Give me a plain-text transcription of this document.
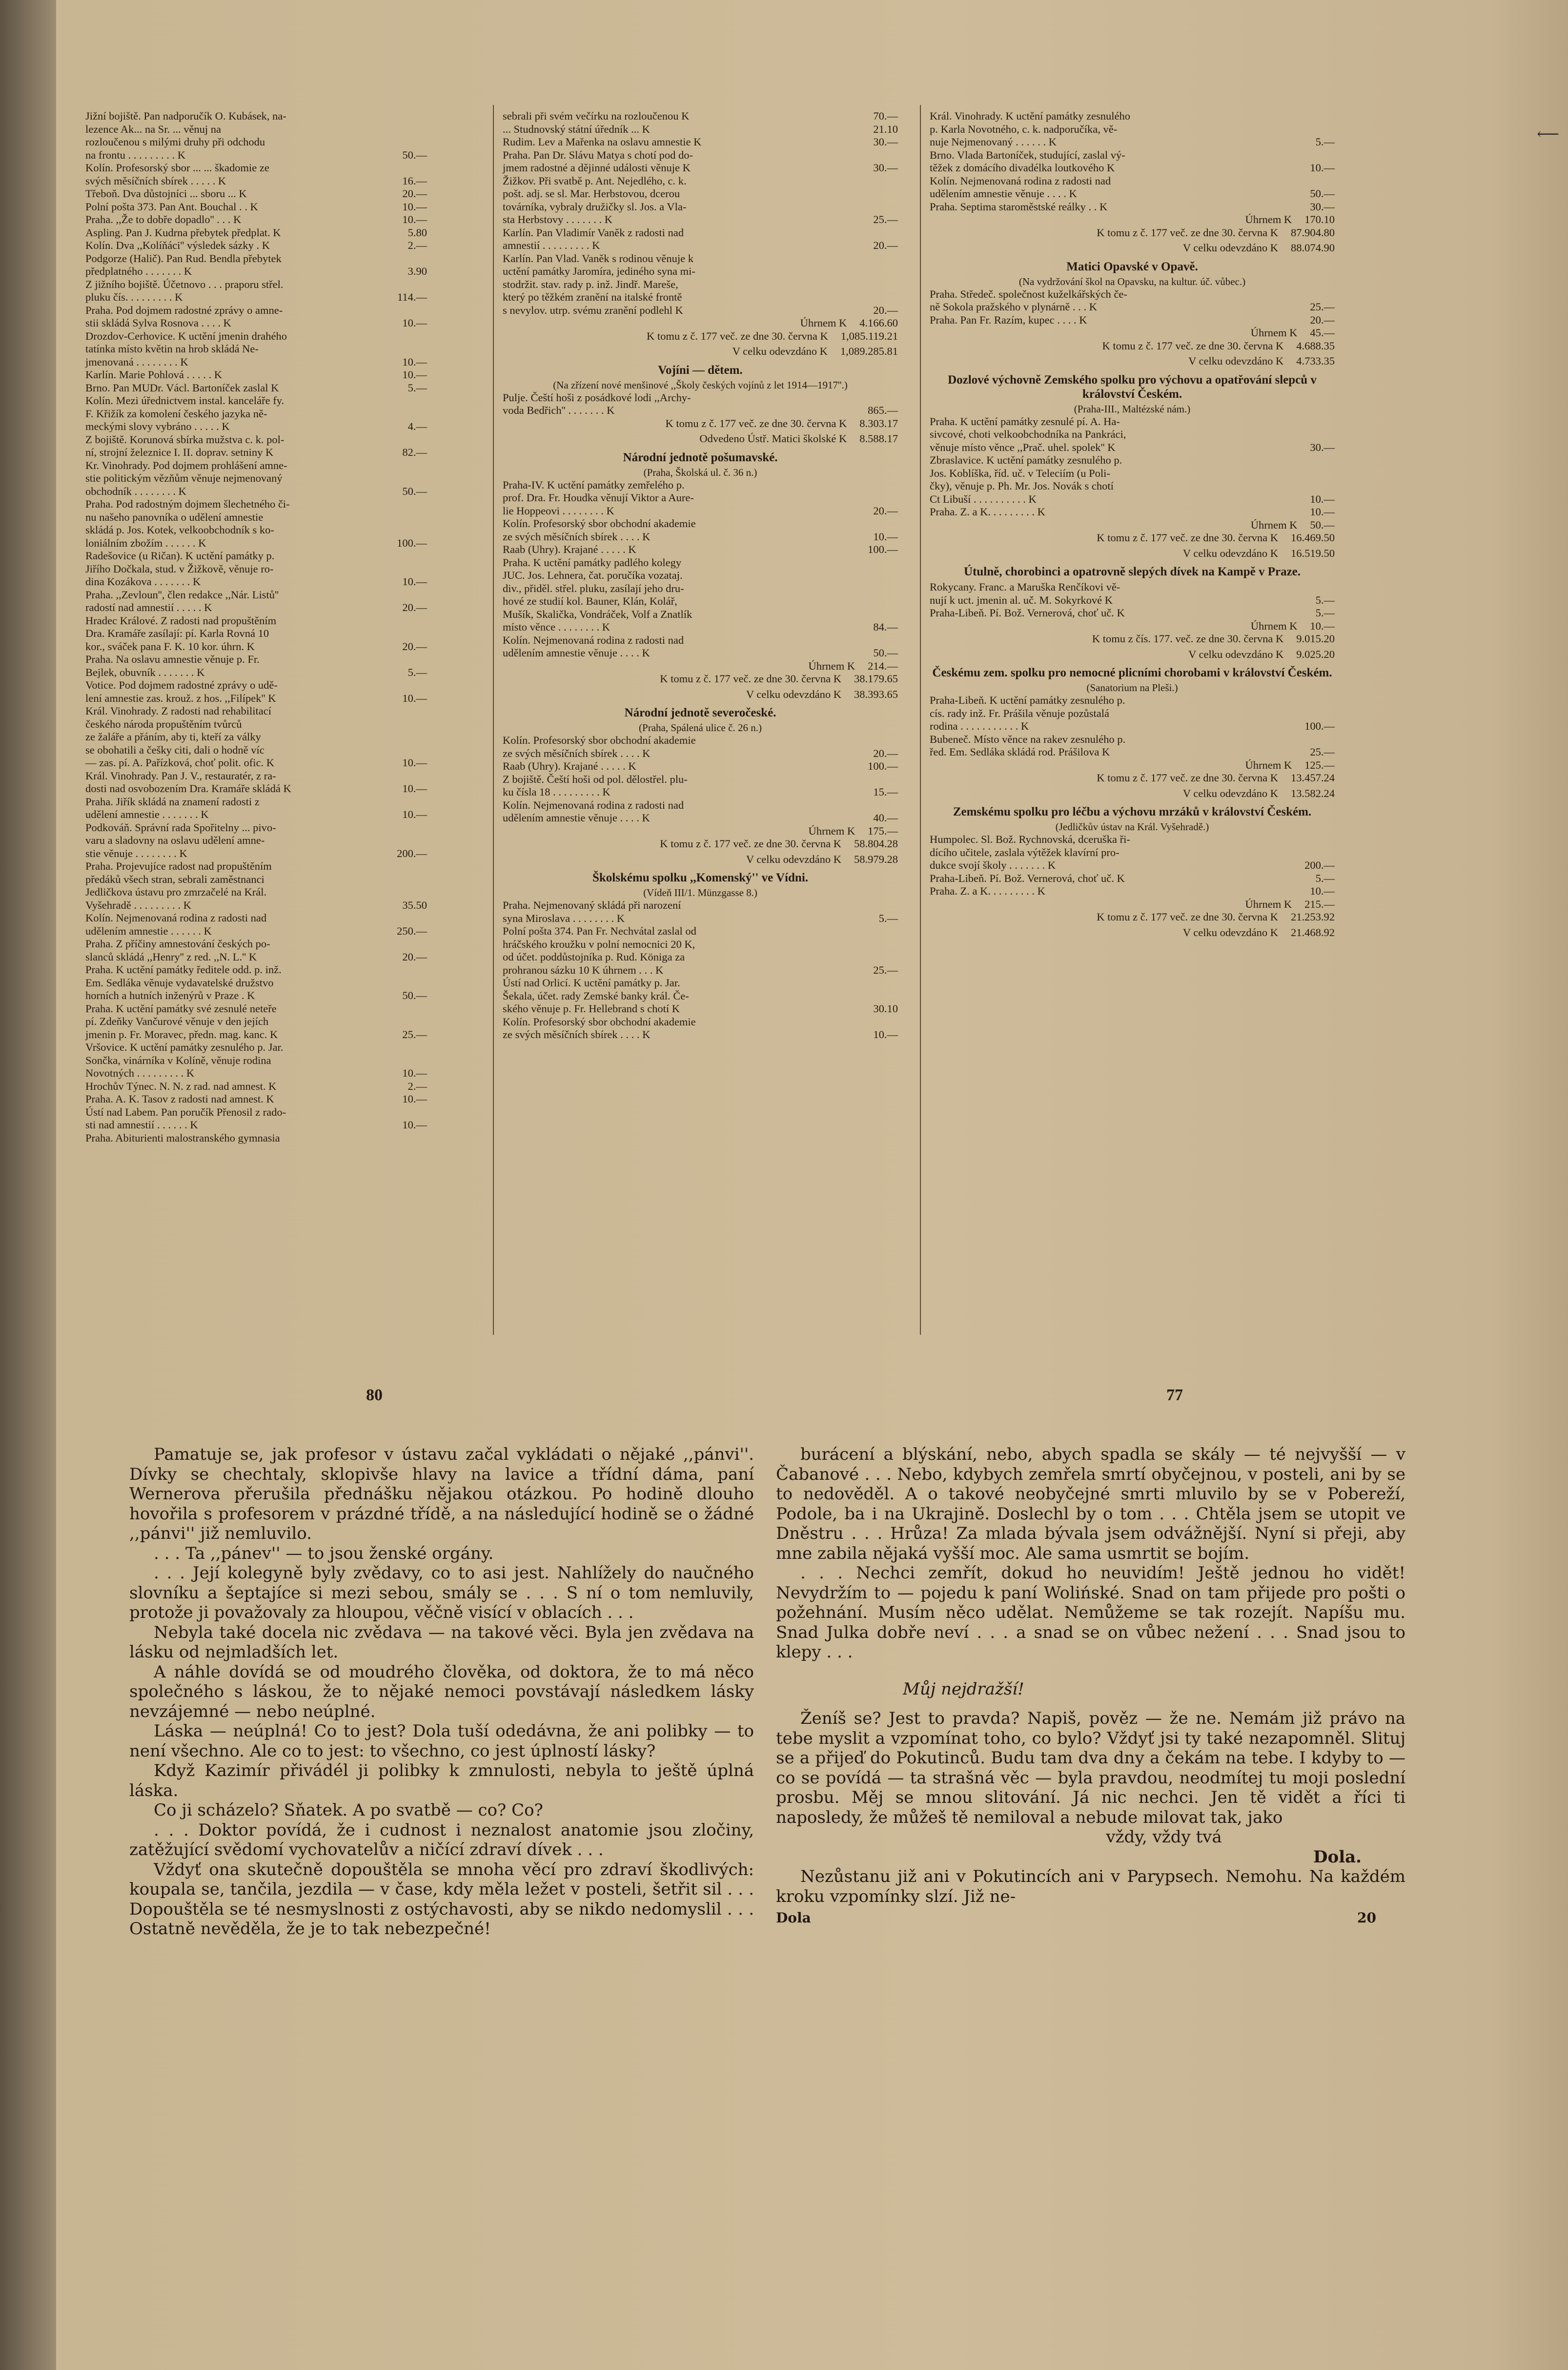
⟵
Jižní bojiště. Pan nadporučík O. Kubásek, na-
lezence Ak... na Sr. ... věnuj na
rozloučenou s milými druhy při odchodu
na frontu . . . . . . . . . K	50.—
Kolín. Profesorský sbor ... ... škadomie ze
svých měsíčních sbírek . . . . . K	16.—
Třeboň. Dva důstojníci ... sboru ... K	20.—
Polní pošta 373. Pan Ant. Bouchal . . K	10.—
Praha. ,,Že to dobře dopadlo'' . . . K	10.—
Aspling. Pan J. Kudrna přebytek předplat. K	5.80
Kolín. Dva ,,Kolíňáci'' výsledek sázky . K	2.—
Podgorze (Halič). Pan Rud. Bendla přebytek
předplatného . . . . . . . K	3.90
Z jižního bojiště. Účetnovo . . . praporu střel.
pluku čís. . . . . . . . . K	114.—
Praha. Pod dojmem radostné zprávy o amne-
stii skládá Sylva Rosnova . . . . K	10.—
Drozdov-Cerhovice. K uctění jmenin drahého
tatínka místo květin na hrob skládá Ne-
jmenovaná . . . . . . . . K	10.—
Karlín. Marie Pohlová . . . . . K	10.—
Brno. Pan MUDr. Václ. Bartoníček zaslal K	5.—
Kolín. Mezi úřednictvem instal. kanceláře fy.
F. Křižík za komolení českého jazyka ně-
meckými slovy vybráno . . . . . K	4.—
Z bojiště. Korunová sbírka mužstva c. k. pol-
ní, strojní železnice I. II. doprav. setniny K	82.—
Kr. Vinohrady. Pod dojmem prohlášení amne-
stie politickým vězňům věnuje nejmenovaný
obchodník . . . . . . . . K	50.—
Praha. Pod radostným dojmem šlechetného či-
nu našeho panovníka o udělení amnestie
skládá p. Jos. Kotek, velkoobchodník s ko-
loniálním zbožím . . . . . . K	100.—
Radešovice (u Ričan). K uctění památky p.
Jiřího Dočkala, stud. v Žižkově, věnuje ro-
dina Kozákova . . . . . . . K	10.—
Praha. ,,Zevloun'', člen redakce ,,Nár. Listů''
radostí nad amnestií . . . . . K	20.—
Hradec Králové. Z radosti nad propuštěním
Dra. Kramáře zasílají: pí. Karla Rovná 10
kor., sváček pana F. K. 10 kor. úhrn. K	20.—
Praha. Na oslavu amnestie věnuje p. Fr.
Bejlek, obuvník . . . . . . . K	5.—
Votice. Pod dojmem radostné zprávy o udě-
lení amnestie zas. krouž. z hos. ,,Filípek'' K	10.—
Král. Vinohrady. Z radosti nad rehabilitací
českého národa propuštěním tvůrců
ze žaláře a přáním, aby ti, kteří za války
se obohatili a češky citi, dali o hodně víc
— zas. pí. A. Pařízková, choť polit. ofic. K	10.—
Král. Vinohrady. Pan J. V., restauratér, z ra-
dosti nad osvobozením Dra. Kramáře skládá K	10.—
Praha. Jiřík skládá na znamení radosti z
udělení amnestie . . . . . . . K	10.—
Podkováň. Správní rada Spořitelny ... pivo-
varu a sladovny na oslavu udělení amne-
stie věnuje . . . . . . . . K	200.—
Praha. Projevujíce radost nad propuštěním
předáků všech stran, sebrali zaměstnanci
Jedličkova ústavu pro zmrzačelé na Král.
Vyšehradě . . . . . . . . . K	35.50
Kolín. Nejmenovaná rodina z radosti nad
udělením amnestie . . . . . . K	250.—
Praha. Z příčiny amnestování českých po-
slanců skládá ,,Henry'' z red. ,,N. L.'' K	20.—
Praha. K uctění památky ředitele odd. p. inž.
Em. Sedláka věnuje vydavatelské družstvo
horních a hutních inženýrů v Praze . K	50.—
Praha. K uctění památky své zesnulé neteře
pí. Zdeňky Vančurové věnuje v den jejích
jmenin p. Fr. Moravec, předn. mag. kanc. K	25.—
Vršovice. K uctění památky zesnulého p. Jar.
Sončka, vinárníka v Kolíně, věnuje rodina
Novotných . . . . . . . . . K	10.—
Hrochův Týnec. N. N. z rad. nad amnest. K	2.—
Praha. A. K. Tasov z radosti nad amnest. K	10.—
Ústí nad Labem. Pan poručík Přenosil z rado-
sti nad amnestií . . . . . . K	10.—
Praha. Abiturienti malostranského gymnasia
sebrali při svém večírku na rozloučenou K	70.—
... Studnovský státní úředník ... K	21.10
Rudim. Lev a Mařenka na oslavu amnestie K	30.—
Praha. Pan Dr. Slávu Matya s chotí pod do-
jmem radostné a dějinné události věnuje K	30.—
Žižkov. Při svatbě p. Ant. Nejedlého, c. k.
pošt. adj. se sl. Mar. Herbstovou, dcerou
továrníka, vybraly družičky sl. Jos. a Vla-
sta Herbstovy . . . . . . . K	25.—
Karlín. Pan Vladimír Vaněk z radosti nad
amnestií . . . . . . . . . K	20.—
Karlín. Pan Vlad. Vaněk s rodinou věnuje k
uctění památky Jaromíra, jediného syna mi-
stodržit. stav. rady p. inž. Jindř. Mareše,
který po těžkém zranění na italské frontě
s nevylov. utrp. svému zranění podlehl K	20.—
Úhrnem K 4.166.60
K tomu z č. 177 več. ze dne 30. června K 1,085.119.21
V celku odevzdáno K 1,089.285.81
Vojíni — dětem.
(Na zřízení nové menšinové ,,Školy českých vojínů z let 1914—1917''.)
Pulje. Čeští hoši z posádkové lodi ,,Archy-
voda Bedřich'' . . . . . . . K	865.—
K tomu z č. 177 več. ze dne 30. června K 8.303.17
Odvedeno Ústř. Matici školské K 8.588.17
Národní jednotě pošumavské.
(Praha, Školská ul. č. 36 n.)
Praha-IV. K uctění památky zemřelého p.
prof. Dra. Fr. Houdka věnují Viktor a Aure-
lie Hoppeovi . . . . . . . . K	20.—
Kolín. Profesorský sbor obchodní akademie
ze svých měsíčních sbírek . . . . K	10.—
Raab (Uhry). Krajané . . . . . K	100.—
Praha. K uctění památky padlého kolegy
JUC. Jos. Lehnera, čat. poručíka vozataj.
div., přiděl. střel. pluku, zasílají jeho dru-
hové ze studií kol. Bauner, Klán, Kolář,
Mušík, Skalička, Vondráček, Volf a Znatlík
místo věnce . . . . . . . . K	84.—
Kolín. Nejmenovaná rodina z radosti nad
udělením amnestie věnuje . . . . K	50.—
Úhrnem K 214.—
K tomu z č. 177 več. ze dne 30. června K 38.179.65
V celku odevzdáno K 38.393.65
Národní jednotě severočeské.
(Praha, Spálená ulice č. 26 n.)
Kolín. Profesorský sbor obchodní akademie
ze svých měsíčních sbírek . . . . K	20.—
Raab (Uhry). Krajané . . . . . K	100.—
Z bojiště. Čeští hoši od pol. dělostřel. plu-
ku čísla 18 . . . . . . . . . K	15.—
Kolín. Nejmenovaná rodina z radosti nad
udělením amnestie věnuje . . . . K	40.—
Úhrnem K 175.—
K tomu z č. 177 več. ze dne 30. června K 58.804.28
V celku odevzdáno K 58.979.28
Školskému spolku ,,Komenský'' ve Vídni.
(Vídeň III/1. Münzgasse 8.)
Praha. Nejmenovaný skládá při narození
syna Miroslava . . . . . . . . K	5.—
Polní pošta 374. Pan Fr. Nechvátal zaslal od
hráčského kroužku v polní nemocnici 20 K,
od účet. poddůstojníka p. Rud. Königa za
prohranou sázku 10 K úhrnem . . . K	25.—
Ústí nad Orlicí. K uctění památky p. Jar.
Šekala, účet. rady Zemské banky král. Če-
ského věnuje p. Fr. Hellebrand s chotí K	30.10
Kolín. Profesorský sbor obchodní akademie
ze svých měsíčních sbírek . . . . K	10.—
Král. Vinohrady. K uctění památky zesnulého
p. Karla Novotného, c. k. nadporučíka, vě-
nuje Nejmenovaný . . . . . . K	5.—
Brno. Vlada Bartoníček, studující, zaslal vý-
těžek z domácího divadélka loutkového K	10.—
Kolín. Nejmenovaná rodina z radosti nad
udělením amnestie věnuje . . . . K	50.—
Praha. Septima staroměstské reálky . . K	30.—
Úhrnem K 170.10
K tomu z č. 177 več. ze dne 30. června K 87.904.80
V celku odevzdáno K 88.074.90
Matici Opavské v Opavě.
(Na vydržování škol na Opavsku, na kultur. úč. vůbec.)
Praha. Středeč. společnost kuželkářských če-
ně Sokola pražského v plynárně . . . K	25.—
Praha. Pan Fr. Razím, kupec . . . . K	20.—
Úhrnem K 45.—
K tomu z č. 177 več. ze dne 30. června K 4.688.35
V celku odevzdáno K 4.733.35
Dozlové výchovně Zemského spolku pro výchovu a opatřování slepců v království Českém.
(Praha-III., Maltézské nám.)
Praha. K uctění památky zesnulé pí. A. Ha-
sivcové, choti velkoobchodníka na Pankráci,
věnuje místo věnce ,,Prač. uhel. spolek'' K	30.—
Zbraslavice. K uctění památky zesnulého p.
Jos. Koblíška, říd. uč. v Teleciím (u Poli-
čky), věnuje p. Ph. Mr. Jos. Novák s chotí
Ct Libuší . . . . . . . . . . K	10.—
Praha. Z. a K. . . . . . . . . K	10.—
Úhrnem K 50.—
K tomu z č. 177 več. ze dne 30. června K 16.469.50
V celku odevzdáno K 16.519.50
Útulně, chorobinci a opatrovně slepých dívek na Kampě v Praze.
Rokycany. Franc. a Maruška Renčíkovi vě-
nují k uct. jmenin al. uč. M. Sokyrkové K	5.—
Praha-Libeň. Pí. Bož. Vernerová, choť uč. K	5.—
Úhrnem K 10.—
K tomu z čís. 177. več. ze dne 30. června K 9.015.20
V celku odevzdáno K 9.025.20
Českému zem. spolku pro nemocné plicními chorobami v království Českém.
(Sanatorium na Pleši.)
Praha-Libeň. K uctění památky zesnulého p.
cís. rady inž. Fr. Prášila věnuje pozůstalá
rodina . . . . . . . . . . . K	100.—
Bubeneč. Místo věnce na rakev zesnulého p.
řed. Em. Sedláka skládá rod. Prášilova K	25.—
Úhrnem K 125.—
K tomu z č. 177 več. ze dne 30. června K 13.457.24
V celku odevzdáno K 13.582.24
Zemskému spolku pro léčbu a výchovu mrzáků v království Českém.
(Jedličkův ústav na Král. Vyšehradě.)
Humpolec. Sl. Bož. Rychnovská, dceruška ři-
dícího učitele, zaslala výtěžek klavírní pro-
dukce svojí školy . . . . . . . K	200.—
Praha-Libeň. Pí. Bož. Vernerová, choť uč. K	5.—
Praha. Z. a K. . . . . . . . . K	10.—
Úhrnem K 215.—
K tomu z č. 177 več. ze dne 30. června K 21.253.92
V celku odevzdáno K 21.468.92
80	77

Pamatuje se, jak profesor v ústavu začal vykládati o nějaké ,,pánvi''. Dívky se chechtaly, sklopivše hlavy na lavice a třídní dáma, paní Wernerova přerušila přednášku nějakou otázkou. Po hodině dlouho hovořila s profesorem v prázdné třídě, a na následující hodině se o žádné ,,pánvi'' již nemluvilo.

. . . Ta ,,pánev'' — to jsou ženské orgány.

. . . Její kolegyně byly zvědavy, co to asi jest. Nahlížely do naučného slovníku a šeptajíce si mezi sebou, smály se . . . S ní o tom nemluvily, protože ji považovaly za hloupou, věčně visící v oblacích . . .

Nebyla také docela nic zvědava — na takové věci. Byla jen zvědava na lásku od nejmladších let.

A náhle dovídá se od moudrého člověka, od doktora, že to má něco společného s láskou, že to nějaké nemoci povstávají následkem lásky nevzájemné — nebo neúplné.

Láska — neúplná! Co to jest? Dola tuší odedávna, že ani polibky — to není všechno. Ale co to jest: to všechno, co jest úplností lásky?

Když Kazimír přivádél ji polibky k zmnulosti, nebyla to ještě úplná láska.

Co ji scházelo? Sňatek. A po svatbě — co? Co?

. . . Doktor povídá, že i cudnost i neznalost anatomie jsou zločiny, zatěžující svědomí vychovatelův a ničící zdraví dívek . . .

Vždyť ona skutečně dopouštěla se mnoha věcí pro zdraví škodlivých: koupala se, tančila, jezdila — v čase, kdy měla ležet v posteli, šetřit sil . . . Dopouštěla se té nesmyslnosti z ostýchavosti, aby se nikdo nedomyslil . . . Ostatně nevěděla, že je to tak nebezpečné!

burácení a blýskání, nebo, abych spadla se skály — té nejvyšší — v Čabanové . . . Nebo, kdybych zemřela smrtí obyčejnou, v posteli, ani by se to nedověděl. A o takové neobyčejné smrti mluvilo by se v Pobereží, Podole, ba i na Ukrajině. Doslechl by o tom . . . Chtěla jsem se utopit ve Dněstru . . . Hrůza! Za mlada bývala jsem odvážnější. Nyní si přeji, aby mne zabila nějaká vyšší moc. Ale sama usmrtit se bojím.

. . . Nechci zemřít, dokud ho neuvidím! Ještě jednou ho vidět! Nevydržím to — pojedu k paní Wolińské. Snad on tam přijede pro pošti o požehnání. Musím něco udělat. Nemůžeme se tak rozejít. Napíšu mu. Snad Julka dobře neví . . . a snad se on vůbec nežení . . . Snad jsou to klepy . . .

Můj nejdražší!

Ženíš se? Jest to pravda? Napiš, pověz — že ne. Nemám již právo na tebe myslit a vzpomínat toho, co bylo? Vždyť jsi ty také nezapomněl. Slituj se a přijeď do Pokutinců. Budu tam dva dny a čekám na tebe. I kdyby to — co se povídá — ta strašná věc — byla pravdou, neodmítej tu moji poslední prosbu. Měj se mnou slitování. Já nic nechci. Jen tě vidět a říci ti naposledy, že můžeš tě nemiloval a nebude milovat tak, jako

vždy, vždy tvá

Dola.

Nezůstanu již ani v Pokutincích ani v Parypsech. Nemohu. Na každém kroku vzpomínky slzí. Již ne-

Dola	20
